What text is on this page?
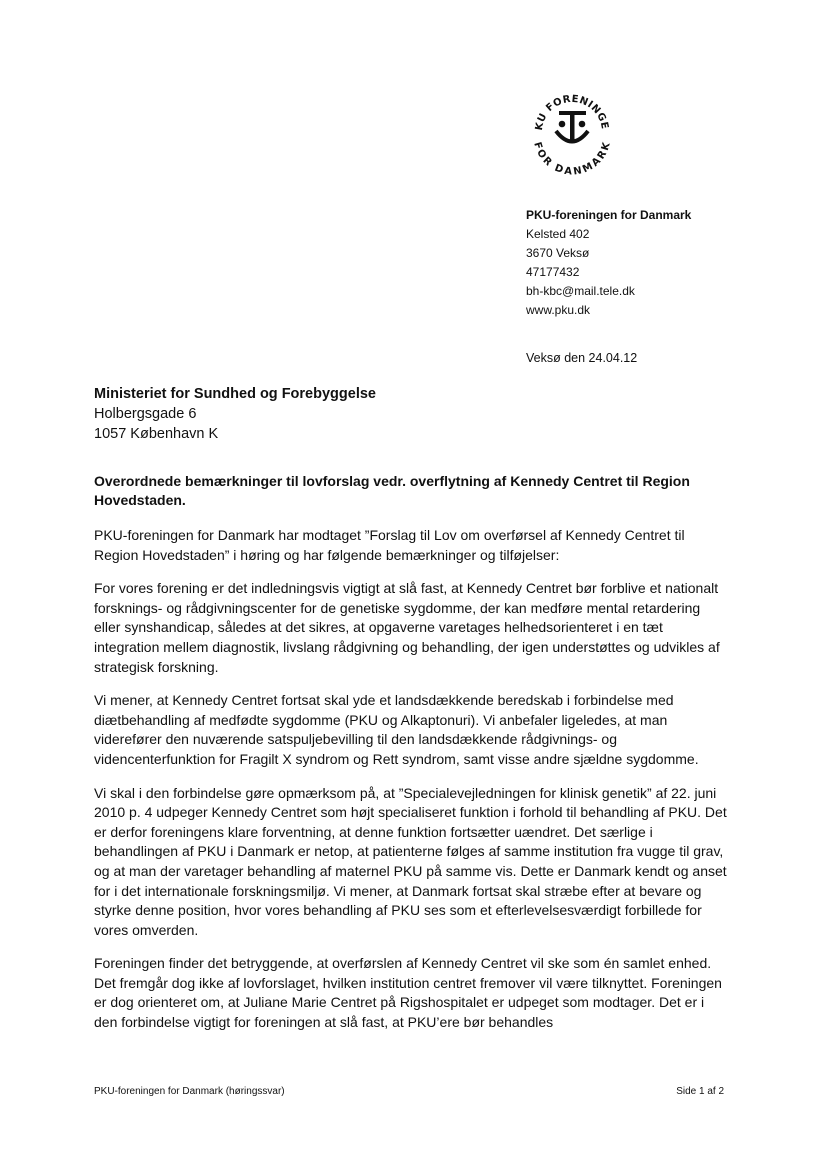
KU FORENINGE
FOR DANMARK
PKU-foreningen for Danmark
Kelsted 402
3670 Veksø
47177432
bh-kbc@mail.tele.dk
www.pku.dk
Veksø den 24.04.12
Ministeriet for Sundhed og Forebyggelse
Holbergsgade 6
1057 København K
Overordnede bemærkninger til lovforslag vedr. overflytning af Kennedy Centret til Region Hovedstaden.

PKU-foreningen for Danmark har modtaget ”Forslag til Lov om overførsel af Kennedy Centret til Region Hovedstaden” i høring og har følgende bemærkninger og tilføjelser:

For vores forening er det indledningsvis vigtigt at slå fast, at Kennedy Centret bør forblive et nationalt forsknings- og rådgivningscenter for de genetiske sygdomme, der kan medføre mental retardering eller synshandicap, således at det sikres, at opgaverne varetages helhedsorienteret i en tæt integration mellem diagnostik, livslang rådgivning og behandling, der igen understøttes og udvikles af strategisk forskning.

Vi mener, at Kennedy Centret fortsat skal yde et landsdækkende beredskab i forbindelse med diætbehandling af medfødte sygdomme (PKU og Alkaptonuri). Vi anbefaler ligeledes, at man viderefører den nuværende satspuljebevilling til den landsdækkende rådgivnings- og videncenterfunktion for Fragilt X syndrom og Rett syndrom, samt visse andre sjældne sygdomme.

Vi skal i den forbindelse gøre opmærksom på, at ”Specialevejledningen for klinisk genetik” af 22. juni 2010 p. 4 udpeger Kennedy Centret som højt specialiseret funktion i forhold til behandling af PKU. Det er derfor foreningens klare forventning, at denne funktion fortsætter uændret. Det særlige i behandlingen af PKU i Danmark er netop, at patienterne følges af samme institution fra vugge til grav, og at man der varetager behandling af maternel PKU på samme vis. Dette er Danmark kendt og anset for i det internationale forskningsmiljø. Vi mener, at Danmark fortsat skal stræbe efter at bevare og styrke denne position, hvor vores behandling af PKU ses som et efterlevelsesværdigt forbillede for vores omverden.

Foreningen finder det betryggende, at overførslen af Kennedy Centret vil ske som én samlet enhed. Det fremgår dog ikke af lovforslaget, hvilken institution centret fremover vil være tilknyttet. Foreningen er dog orienteret om, at Juliane Marie Centret på Rigshospitalet er udpeget som modtager. Det er i den forbindelse vigtigt for foreningen at slå fast, at PKU’ere bør behandles

PKU-foreningen for Danmark (høringssvar)	Side 1 af 2
